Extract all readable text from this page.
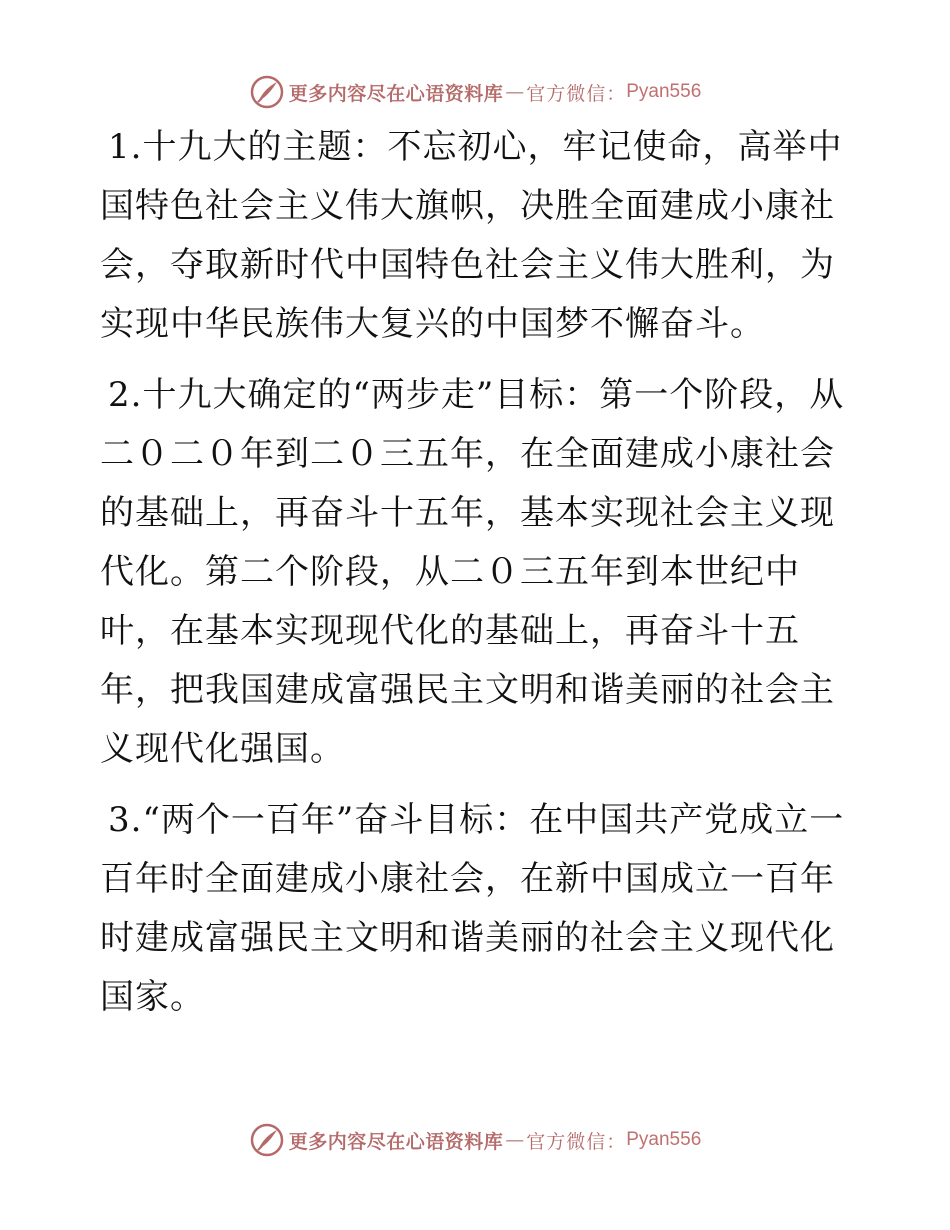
更多内容尽在心语资料库 — 官方微信： Pyan556

1.十九大的主题：不忘初心，牢记使命，高举中国特色社会主义伟大旗帜，决胜全面建成小康社会，夺取新时代中国特色社会主义伟大胜利，为实现中华民族伟大复兴的中国梦不懈奋斗。

2.十九大确定的“两步走”目标：第一个阶段，从二０二０年到二０三五年，在全面建成小康社会的基础上，再奋斗十五年，基本实现社会主义现代化。第二个阶段，从二０三五年到本世纪中叶，在基本实现现代化的基础上，再奋斗十五年，把我国建成富强民主文明和谐美丽的社会主义现代化强国。

3.“两个一百年”奋斗目标：在中国共产党成立一百年时全面建成小康社会，在新中国成立一百年时建成富强民主文明和谐美丽的社会主义现代化国家。

更多内容尽在心语资料库 — 官方微信： Pyan556
